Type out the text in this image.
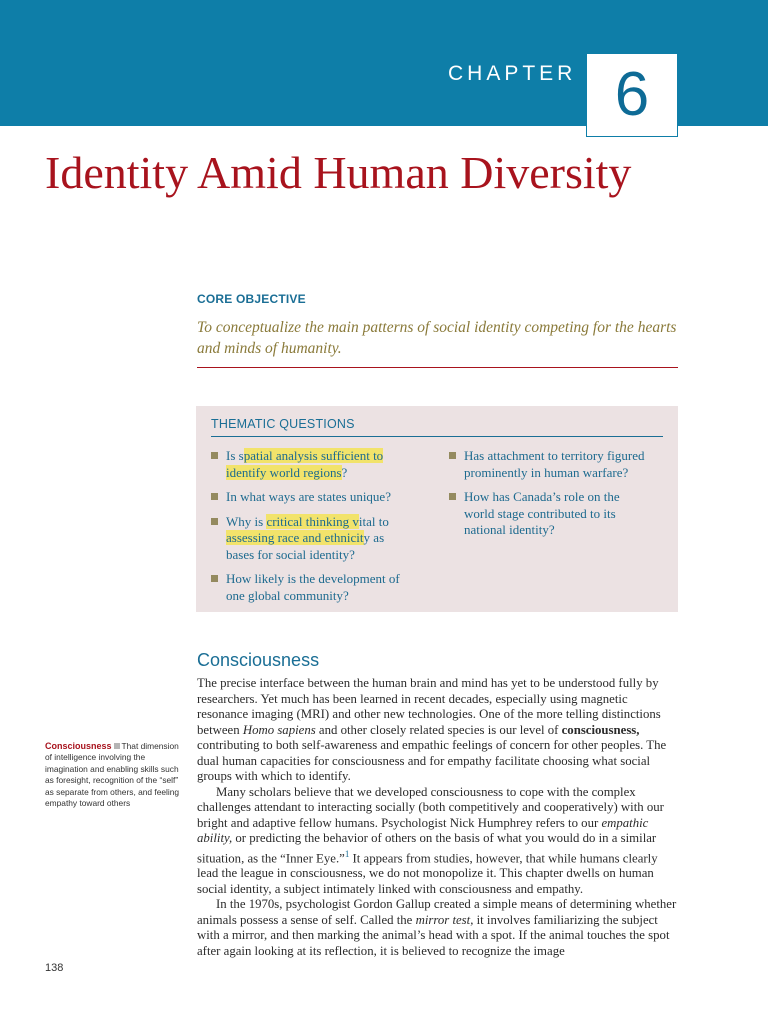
CHAPTER 6
Identity Amid Human Diversity
CORE OBJECTIVE
To conceptualize the main patterns of social identity competing for the hearts and minds of humanity.
THEMATIC QUESTIONS
Is spatial analysis sufficient to identify world regions?
In what ways are states unique?
Why is critical thinking vital to assessing race and ethnicity as bases for social identity?
How likely is the development of one global community?
Has attachment to territory figured prominently in human warfare?
How has Canada’s role on the world stage contributed to its national identity?
Consciousness

The precise interface between the human brain and mind has yet to be understood fully by researchers. Yet much has been learned in recent decades, especially using magnetic resonance imaging (MRI) and other new technologies. One of the more telling distinctions between Homo sapiens and other closely related species is our level of consciousness, contributing to both self-awareness and empathic feelings of concern for other peoples. The dual human capacities for consciousness and for empathy facilitate choosing what social groups with which to identify.

Many scholars believe that we developed consciousness to cope with the complex challenges attendant to interacting socially (both competitively and cooperatively) with our bright and adaptive fellow humans. Psychologist Nick Humphrey refers to our empathic ability, or predicting the behavior of others on the basis of what you would do in a similar situation, as the “Inner Eye.”$^1$ It appears from studies, however, that while humans clearly lead the league in consciousness, we do not monopolize it. This chapter dwells on human social identity, a subject intimately linked with consciousness and empathy.

In the 1970s, psychologist Gordon Gallup created a simple means of determining whether animals possess a sense of self. Called the mirror test, it involves familiarizing the subject with a mirror, and then marking the animal’s head with a spot. If the animal touches the spot after again looking at its reflection, it is believed to recognize the image

Consciousness That dimension of intelligence involving the imagination and enabling skills such as foresight, recognition of the “self” as separate from others, and feeling empathy toward others
138
